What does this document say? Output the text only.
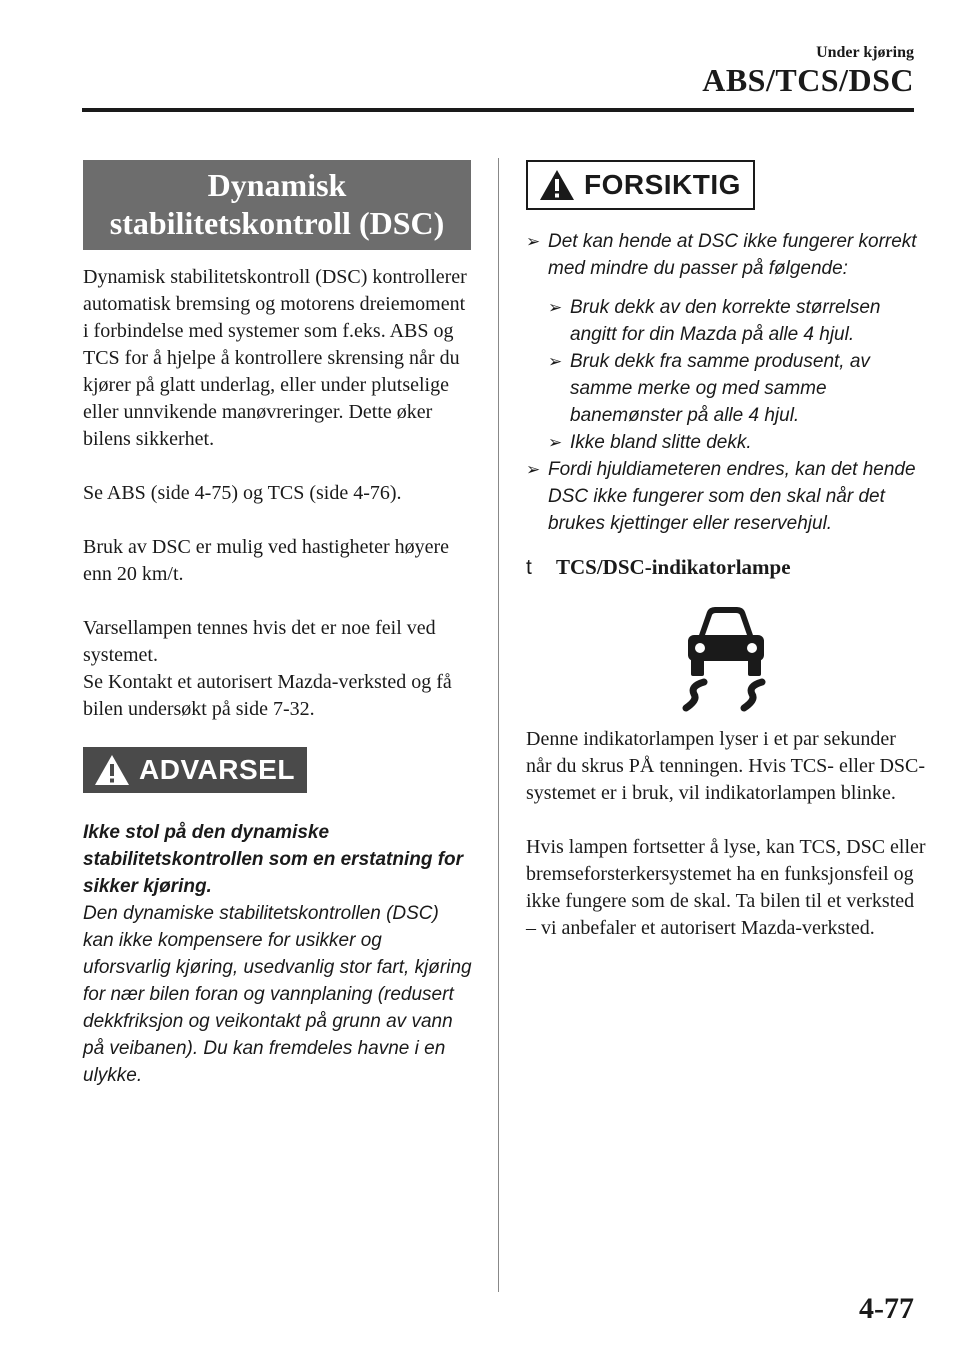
Under kjøring
ABS/TCS/DSC
Dynamisk
stabilitetskontroll (DSC)

Dynamisk stabilitetskontroll (DSC) kontrollerer automatisk bremsing og motorens dreiemoment i forbindelse med systemer som f.eks. ABS og TCS for å hjelpe å kontrollere skrensing når du kjører på glatt underlag, eller under plutselige eller unnvikende manøvreringer. Dette øker bilens sikkerhet.

Se ABS (side 4-75) og TCS (side 4-76).

Bruk av DSC er mulig ved hastigheter høyere enn 20 km/t.

Varsellampen tennes hvis det er noe feil ved systemet.

Se Kontakt et autorisert Mazda-verksted og få bilen undersøkt på side 7-32.

ADVARSEL
Ikke stol på den dynamiske stabilitetskontrollen som en erstatning for sikker kjøring.
Den dynamiske stabilitetskontrollen (DSC) kan ikke kompensere for usikker og uforsvarlig kjøring, usedvanlig stor fart, kjøring for nær bilen foran og vannplaning (redusert dekkfriksjon og veikontakt på grunn av vann på veibanen). Du kan fremdeles havne i en ulykke.
FORSIKTIG
➢ Det kan hende at DSC ikke fungerer korrekt med mindre du passer på følgende:
➢ Bruk dekk av den korrekte størrelsen angitt for din Mazda på alle 4 hjul.
➢ Bruk dekk fra samme produsent, av samme merke og med samme banemønster på alle 4 hjul.
➢ Ikke bland slitte dekk.
➢ Fordi hjuldiameteren endres, kan det hende DSC ikke fungerer som den skal når det brukes kjettinger eller reservehjul.
t	TCS/DSC-indikatorlampe

Denne indikatorlampen lyser i et par sekunder når du skrus PÅ tenningen. Hvis TCS- eller DSC-systemet er i bruk, vil indikatorlampen blinke.

Hvis lampen fortsetter å lyse, kan TCS, DSC eller bremseforsterkersystemet ha en funksjonsfeil og ikke fungere som de skal. Ta bilen til et verksted – vi anbefaler et autorisert Mazda-verksted.

4-77
